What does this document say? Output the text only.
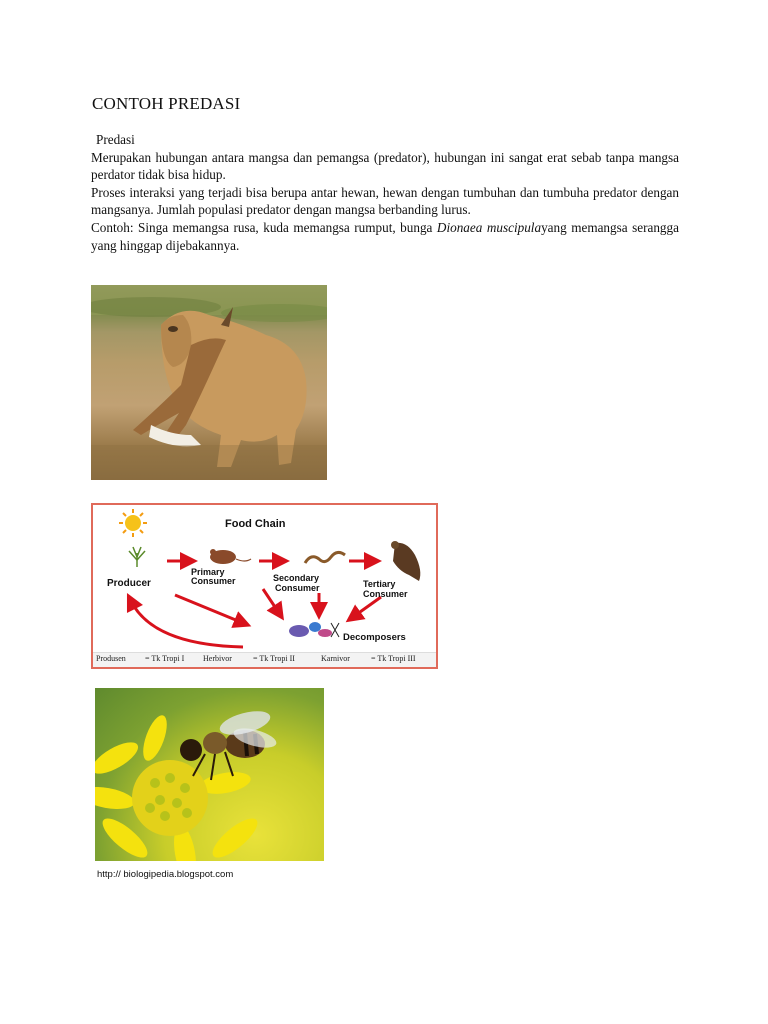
CONTOH PREDASI

Predasi

Merupakan hubungan antara mangsa dan pemangsa (predator), hubungan ini sangat erat sebab tanpa mangsa perdator tidak bisa hidup.

Proses interaksi yang terjadi bisa berupa antar hewan, hewan dengan tumbuhan dan tumbuha predator dengan mangsanya. Jumlah populasi predator dengan mangsa berbanding lurus.

Contoh: Singa memangsa rusa, kuda memangsa rumput, bunga Dionaea muscipulayang memangsa serangga yang hinggap dijebakannya.

Food Chain
Producer
Primary
Consumer	Secondary
Consumer	Tertiary
Consumer
Decomposers
Produsen = Tk Tropi I Herbivor	= Tk Tropi II	Karnivor	= Tk Tropi III
http:// biologipedia.blogspot.com
